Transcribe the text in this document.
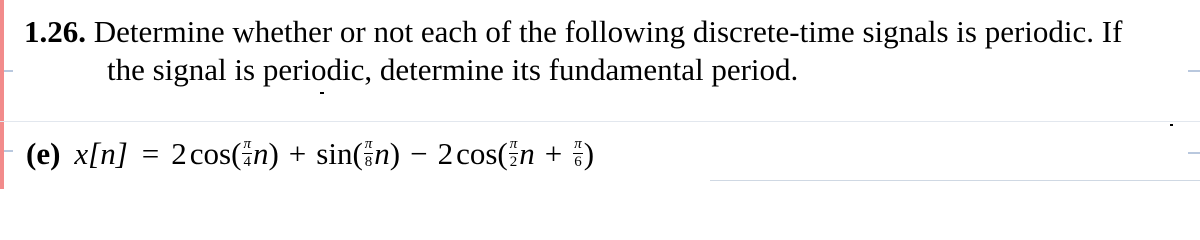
1.26. Determine whether or not each of the following discrete-time signals is periodic. If
the signal is periodic, determine its fundamental period.
(e) x[n] = 2 $\cos( \frac{\pi}{4}$ n ) + $\sin( \frac{\pi}{8}$ n ) − 2 $\cos( \frac{\pi}{2}$ $n + \frac{\pi}{6}$ )
